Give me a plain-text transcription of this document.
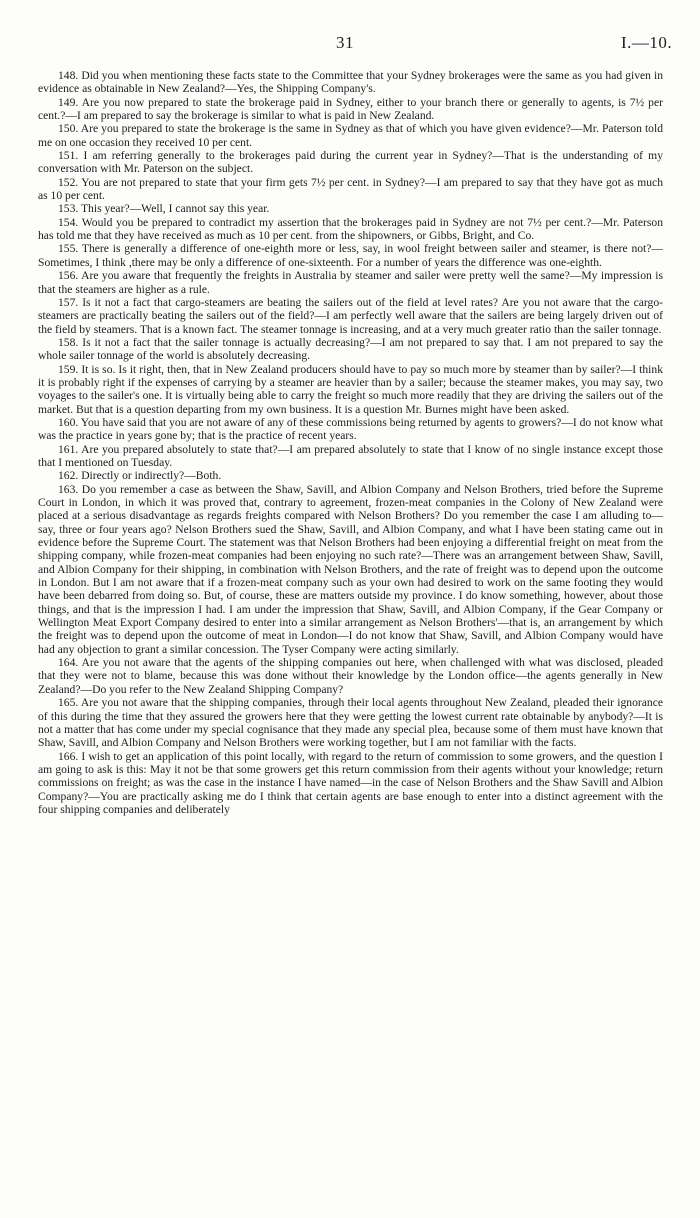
31	I.—10.

148. Did you when mentioning these facts state to the Committee that your Sydney brokerages were the same as you had given in evidence as obtainable in New Zealand?—Yes, the Shipping Company's.

149. Are you now prepared to state the brokerage paid in Sydney, either to your branch there or generally to agents, is 7½ per cent.?—I am prepared to say the brokerage is similar to what is paid in New Zealand.

150. Are you prepared to state the brokerage is the same in Sydney as that of which you have given evidence?—Mr. Paterson told me on one occasion they received 10 per cent.

151. I am referring generally to the brokerages paid during the current year in Sydney?—That is the understanding of my conversation with Mr. Paterson on the subject.

152. You are not prepared to state that your firm gets 7½ per cent. in Sydney?—I am prepared to say that they have got as much as 10 per cent.

153. This year?—Well, I cannot say this year.

154. Would you be prepared to contradict my assertion that the brokerages paid in Sydney are not 7½ per cent.?—Mr. Paterson has told me that they have received as much as 10 per cent. from the shipowners, or Gibbs, Bright, and Co.

155. There is generally a difference of one-eighth more or less, say, in wool freight between sailer and steamer, is there not?—Sometimes, I think ,there may be only a difference of one-sixteenth. For a number of years the difference was one-eighth.

156. Are you aware that frequently the freights in Australia by steamer and sailer were pretty well the same?—My impression is that the steamers are higher as a rule.

157. Is it not a fact that cargo-steamers are beating the sailers out of the field at level rates? Are you not aware that the cargo-steamers are practically beating the sailers out of the field?—I am perfectly well aware that the sailers are being largely driven out of the field by steamers. That is a known fact. The steamer tonnage is increasing, and at a very much greater ratio than the sailer tonnage.

158. Is it not a fact that the sailer tonnage is actually decreasing?—I am not prepared to say that. I am not prepared to say the whole sailer tonnage of the world is absolutely decreasing.

159. It is so. Is it right, then, that in New Zealand producers should have to pay so much more by steamer than by sailer?—I think it is probably right if the expenses of carrying by a steamer are heavier than by a sailer; because the steamer makes, you may say, two voyages to the sailer's one. It is virtually being able to carry the freight so much more readily that they are driving the sailers out of the market. But that is a question departing from my own business. It is a question Mr. Burnes might have been asked.

160. You have said that you are not aware of any of these commissions being returned by agents to growers?—I do not know what was the practice in years gone by; that is the practice of recent years.

161. Are you prepared absolutely to state that?—I am prepared absolutely to state that I know of no single instance except those that I mentioned on Tuesday.

162. Directly or indirectly?—Both.

163. Do you remember a case as between the Shaw, Savill, and Albion Company and Nelson Brothers, tried before the Supreme Court in London, in which it was proved that, contrary to agreement, frozen-meat companies in the Colony of New Zealand were placed at a serious disadvantage as regards freights compared with Nelson Brothers? Do you remember the case I am alluding to—say, three or four years ago? Nelson Brothers sued the Shaw, Savill, and Albion Company, and what I have been stating came out in evidence before the Supreme Court. The statement was that Nelson Brothers had been enjoying a differential freight on meat from the shipping company, while frozen-meat companies had been enjoying no such rate?—There was an arrangement between Shaw, Savill, and Albion Company for their shipping, in combination with Nelson Brothers, and the rate of freight was to depend upon the outcome in London. But I am not aware that if a frozen-meat company such as your own had desired to work on the same footing they would have been debarred from doing so. But, of course, these are matters outside my province. I do know something, however, about those things, and that is the impression I had. I am under the impression that Shaw, Savill, and Albion Company, if the Gear Company or Wellington Meat Export Company desired to enter into a similar arrangement as Nelson Brothers'—that is, an arrangement by which the freight was to depend upon the outcome of meat in London—I do not know that Shaw, Savill, and Albion Company would have had any objection to grant a similar concession. The Tyser Company were acting similarly.

164. Are you not aware that the agents of the shipping companies out here, when challenged with what was disclosed, pleaded that they were not to blame, because this was done without their knowledge by the London office—the agents generally in New Zealand?—Do you refer to the New Zealand Shipping Company?

165. Are you not aware that the shipping companies, through their local agents throughout New Zealand, pleaded their ignorance of this during the time that they assured the growers here that they were getting the lowest current rate obtainable by anybody?—It is not a matter that has come under my special cognisance that they made any special plea, because some of them must have known that Shaw, Savill, and Albion Company and Nelson Brothers were working together, but I am not familiar with the facts.

166. I wish to get an application of this point locally, with regard to the return of commission to some growers, and the question I am going to ask is this: May it not be that some growers get this return commission from their agents without your knowledge; return commissions on freight; as was the case in the instance I have named—in the case of Nelson Brothers and the Shaw Savill and Albion Company?—You are practically asking me do I think that certain agents are base enough to enter into a distinct agreement with the four shipping companies and deliberately
